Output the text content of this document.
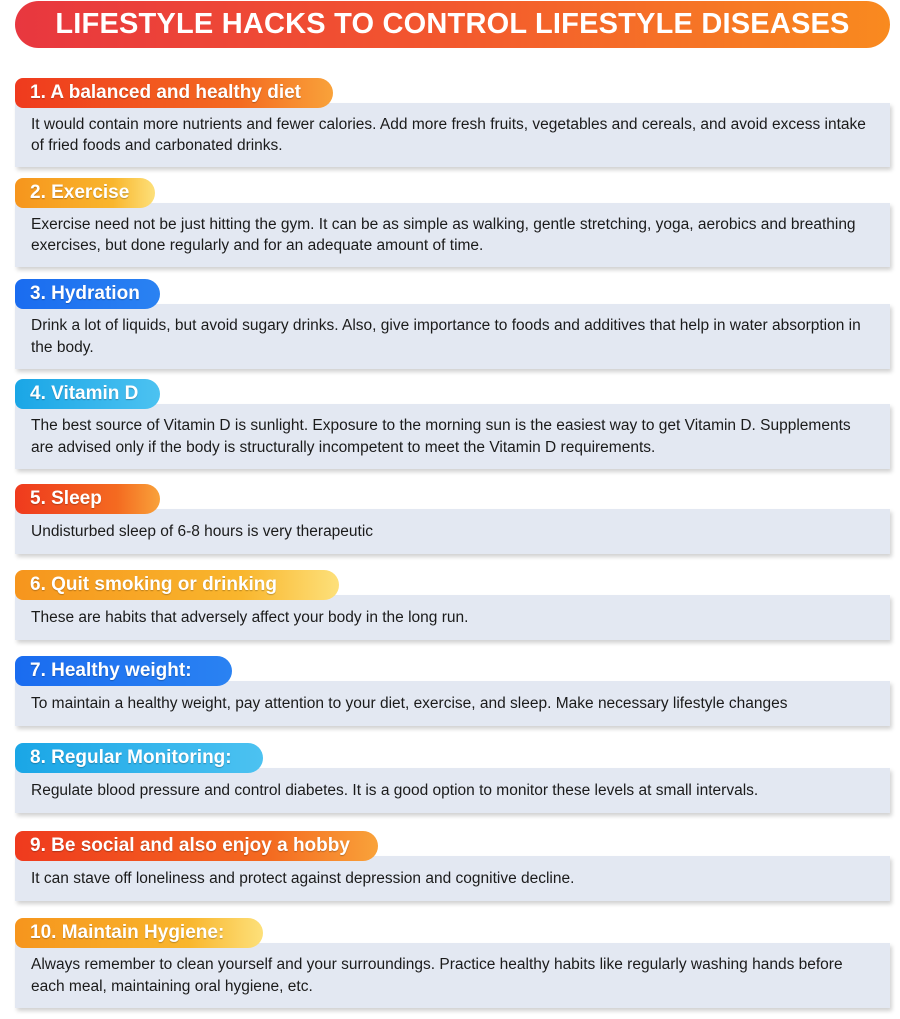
LIFESTYLE HACKS TO CONTROL LIFESTYLE DISEASES
1. A balanced and healthy diet
It would contain more nutrients and fewer calories. Add more fresh fruits, vegetables and cereals, and avoid excess intake of fried foods and carbonated drinks.
2. Exercise
Exercise need not be just hitting the gym. It can be as simple as walking, gentle stretching, yoga, aerobics and breathing exercises, but done regularly and for an adequate amount of time.
3. Hydration
Drink a lot of liquids, but avoid sugary drinks. Also, give importance to foods and additives that help in water absorption in the body.
4. Vitamin D
The best source of Vitamin D is sunlight. Exposure to the morning sun is the easiest way to get Vitamin D. Supplements are advised only if the body is structurally incompetent to meet the Vitamin D requirements.
5. Sleep
Undisturbed sleep of 6-8 hours is very therapeutic
6. Quit smoking or drinking
These are habits that adversely affect your body in the long run.
7. Healthy weight:
To maintain a healthy weight, pay attention to your diet, exercise, and sleep. Make necessary lifestyle changes
8. Regular Monitoring:
Regulate blood pressure and control diabetes. It is a good option to monitor these levels at small intervals.
9. Be social and also enjoy a hobby
It can stave off loneliness and protect against depression and cognitive decline.
10. Maintain Hygiene:
Always remember to clean yourself and your surroundings. Practice healthy habits like regularly washing hands before each meal, maintaining oral hygiene, etc.
